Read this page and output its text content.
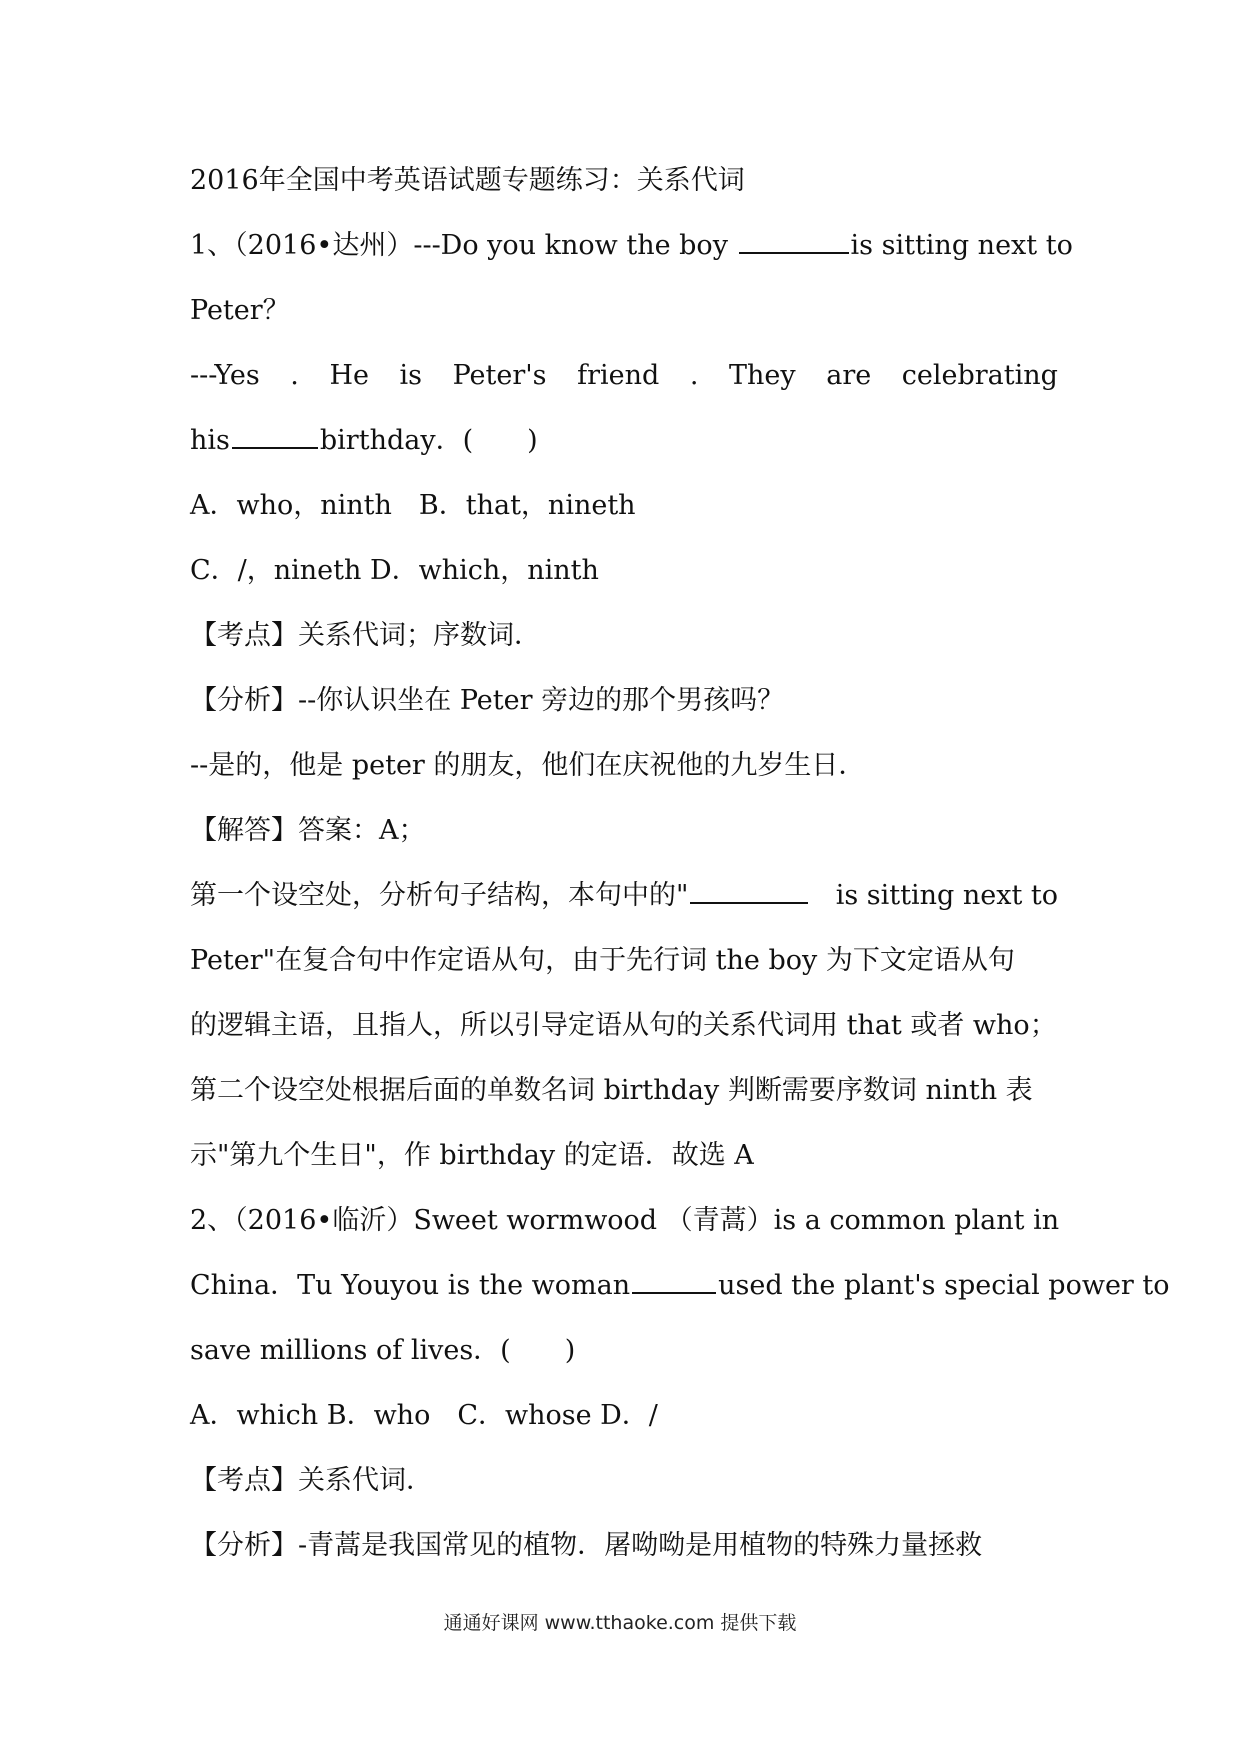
2016年全国中考英语试题专题练习：关系代词
1、（2016•达州）---Do you know the boy	is sitting next to
Peter？
---Yes . He is Peter's friend . They are celebrating
his	birthday．(　　)
A．who，ninth　B．that，nineth
C．/，nineth D．which，ninth
【考点】关系代词；序数词．
【分析】--你认识坐在 Peter 旁边的那个男孩吗？
--是的，他是 peter 的朋友，他们在庆祝他的九岁生日．
【解答】答案：A；
第一个设空处，分析句子结构，本句中的"	is sitting next to
Peter"在复合句中作定语从句，由于先行词 the boy 为下文定语从句
的逻辑主语，且指人，所以引导定语从句的关系代词用 that 或者 who；
第二个设空处根据后面的单数名词 birthday 判断需要序数词 ninth 表
示"第九个生日"，作 birthday 的定语．故选 A
2、（2016•临沂）Sweet wormwood （青蒿）is a common plant in
China．Tu Youyou is the woman	used the plant's special power to
save millions of lives．(　　)
A．which B．who　C．whose D．/
【考点】关系代词．
【分析】-青蒿是我国常见的植物．屠呦呦是用植物的特殊力量拯救
通通好课网 www.tthaoke.com 提供下载
